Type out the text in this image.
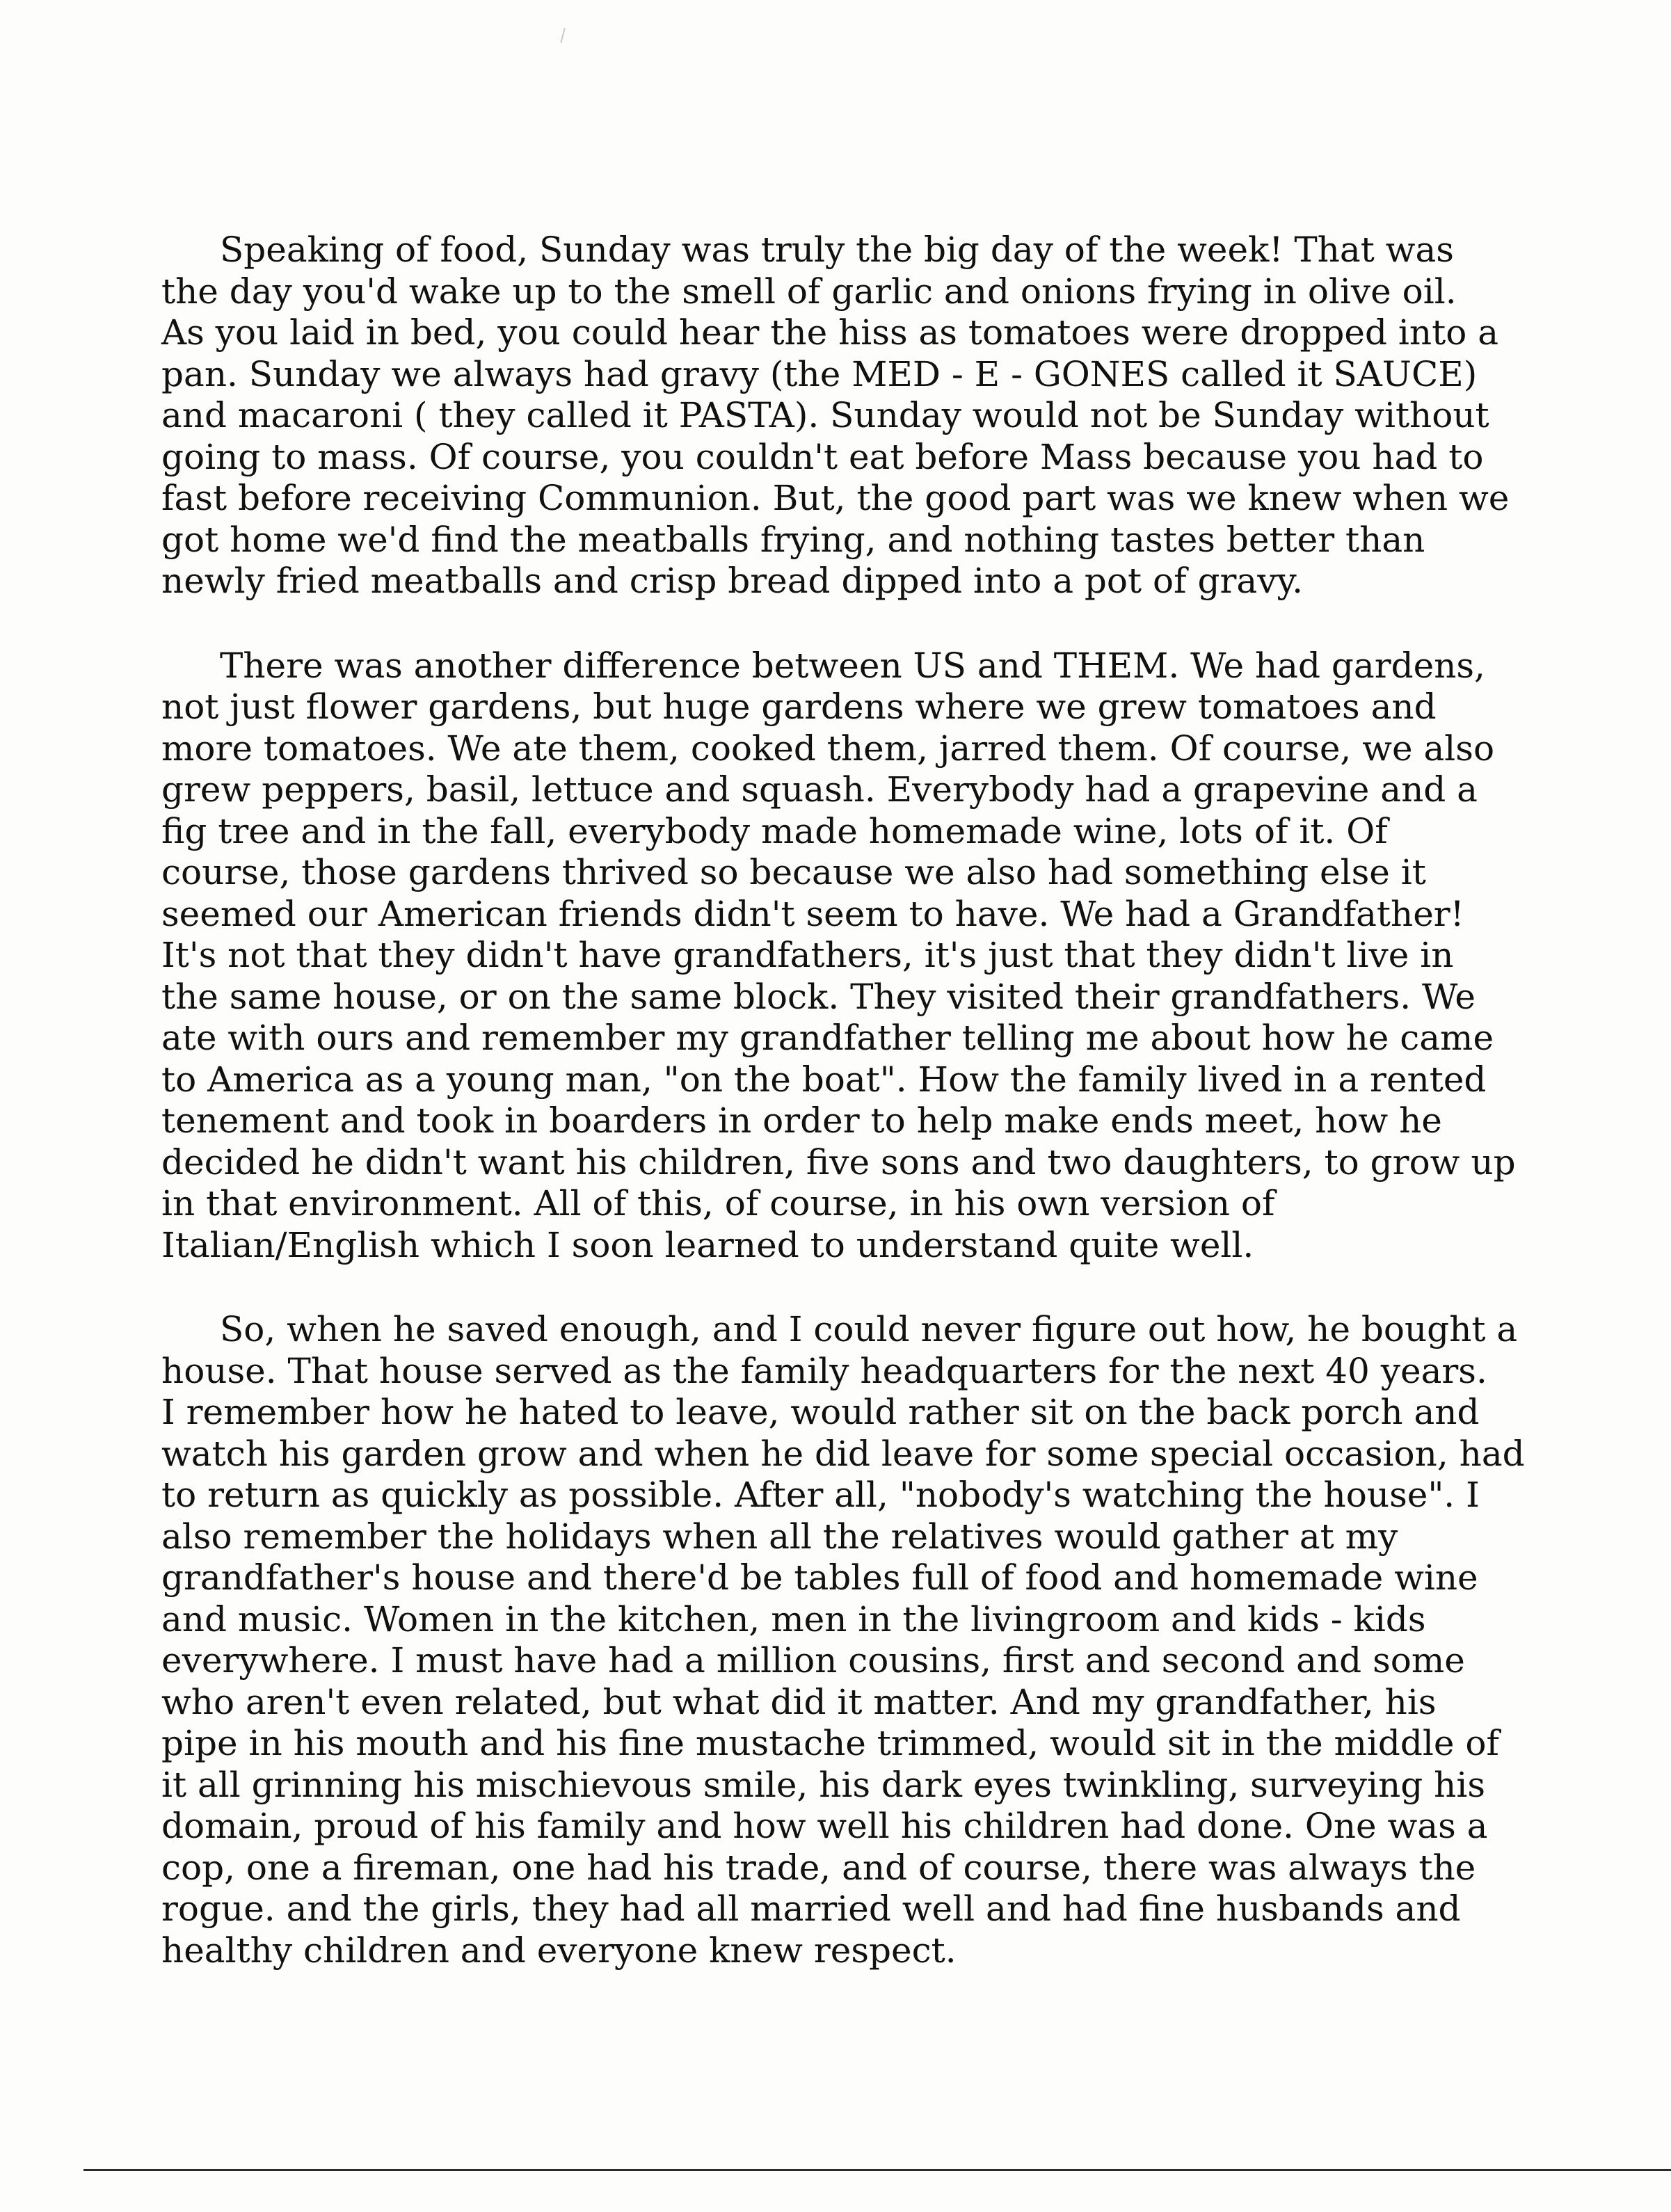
Speaking of food, Sunday was truly the big day of the week! That was
the day you'd wake up to the smell of garlic and onions frying in olive oil.
As you laid in bed, you could hear the hiss as tomatoes were dropped into a
pan. Sunday we always had gravy (the MED - E - GONES called it SAUCE)
and macaroni ( they called it PASTA). Sunday would not be Sunday without
going to mass. Of course, you couldn't eat before Mass because you had to
fast before receiving Communion. But, the good part was we knew when we
got home we'd find the meatballs frying, and nothing tastes better than
newly fried meatballs and crisp bread dipped into a pot of gravy.

There was another difference between US and THEM. We had gardens,
not just flower gardens, but huge gardens where we grew tomatoes and
more tomatoes. We ate them, cooked them, jarred them. Of course, we also
grew peppers, basil, lettuce and squash. Everybody had a grapevine and a
fig tree and in the fall, everybody made homemade wine, lots of it. Of
course, those gardens thrived so because we also had something else it
seemed our American friends didn't seem to have. We had a Grandfather!
It's not that they didn't have grandfathers, it's just that they didn't live in
the same house, or on the same block. They visited their grandfathers. We
ate with ours and remember my grandfather telling me about how he came
to America as a young man, "on the boat". How the family lived in a rented
tenement and took in boarders in order to help make ends meet, how he
decided he didn't want his children, five sons and two daughters, to grow up
in that environment. All of this, of course, in his own version of
Italian/English which I soon learned to understand quite well.

So, when he saved enough, and I could never figure out how, he bought a
house. That house served as the family headquarters for the next 40 years.
I remember how he hated to leave, would rather sit on the back porch and
watch his garden grow and when he did leave for some special occasion, had
to return as quickly as possible. After all, "nobody's watching the house". I
also remember the holidays when all the relatives would gather at my
grandfather's house and there'd be tables full of food and homemade wine
and music. Women in the kitchen, men in the livingroom and kids - kids
everywhere. I must have had a million cousins, first and second and some
who aren't even related, but what did it matter. And my grandfather, his
pipe in his mouth and his fine mustache trimmed, would sit in the middle of
it all grinning his mischievous smile, his dark eyes twinkling, surveying his
domain, proud of his family and how well his children had done. One was a
cop, one a fireman, one had his trade, and of course, there was always the
rogue. and the girls, they had all married well and had fine husbands and
healthy children and everyone knew respect.
